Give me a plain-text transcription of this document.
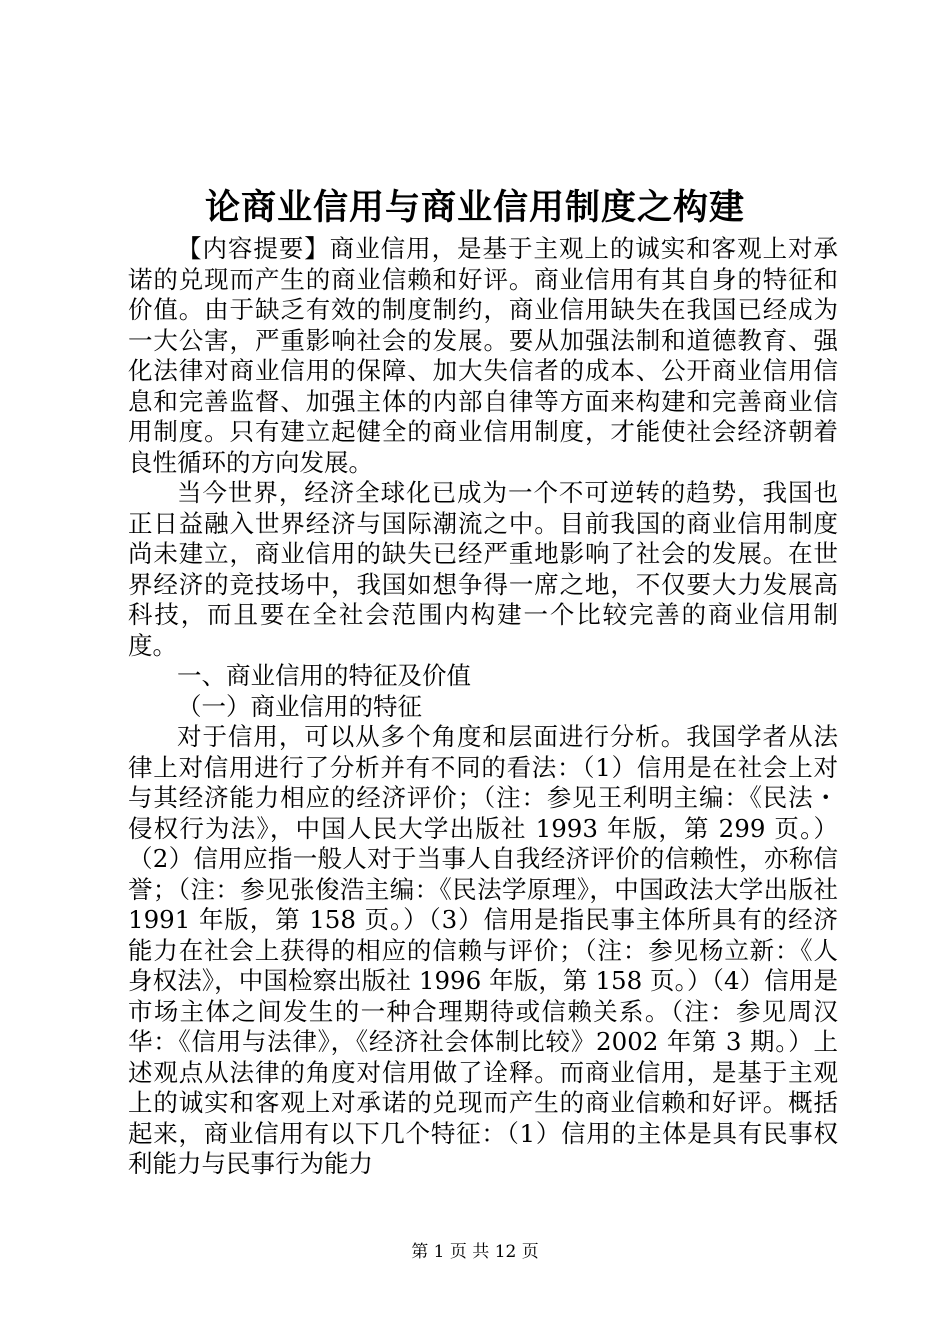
论商业信用与商业信用制度之构建

【内容提要】商业信用，是基于主观上的诚实和客观上对承诺的兑现而产生的商业信赖和好评。商业信用有其自身的特征和价值。由于缺乏有效的制度制约，商业信用缺失在我国已经成为一大公害，严重影响社会的发展。要从加强法制和道德教育、强化法律对商业信用的保障、加大失信者的成本、公开商业信用信息和完善监督、加强主体的内部自律等方面来构建和完善商业信用制度。只有建立起健全的商业信用制度，才能使社会经济朝着良性循环的方向发展。

当今世界，经济全球化已成为一个不可逆转的趋势，我国也正日益融入世界经济与国际潮流之中。目前我国的商业信用制度尚未建立，商业信用的缺失已经严重地影响了社会的发展。在世界经济的竞技场中，我国如想争得一席之地，不仅要大力发展高科技，而且要在全社会范围内构建一个比较完善的商业信用制度。

一、商业信用的特征及价值

（一）商业信用的特征

对于信用，可以从多个角度和层面进行分析。我国学者从法律上对信用进行了分析并有不同的看法：（1）信用是在社会上对与其经济能力相应的经济评价；（注：参见王利明主编：《民法・侵权行为法》，中国人民大学出版社 1993 年版，第 299 页。）（2）信用应指一般人对于当事人自我经济评价的信赖性，亦称信誉；（注：参见张俊浩主编：《民法学原理》，中国政法大学出版社 1991 年版，第 158 页。）（3）信用是指民事主体所具有的经济能力在社会上获得的相应的信赖与评价；（注：参见杨立新：《人身权法》，中国检察出版社 1996 年版，第 158 页。）（4）信用是市场主体之间发生的一种合理期待或信赖关系。（注：参见周汉华：《信用与法律》，《经济社会体制比较》2002 年第 3 期。）上述观点从法律的角度对信用做了诠释。而商业信用，是基于主观上的诚实和客观上对承诺的兑现而产生的商业信赖和好评。概括起来，商业信用有以下几个特征：（1）信用的主体是具有民事权利能力与民事行为能力

第 1 页 共 12 页
